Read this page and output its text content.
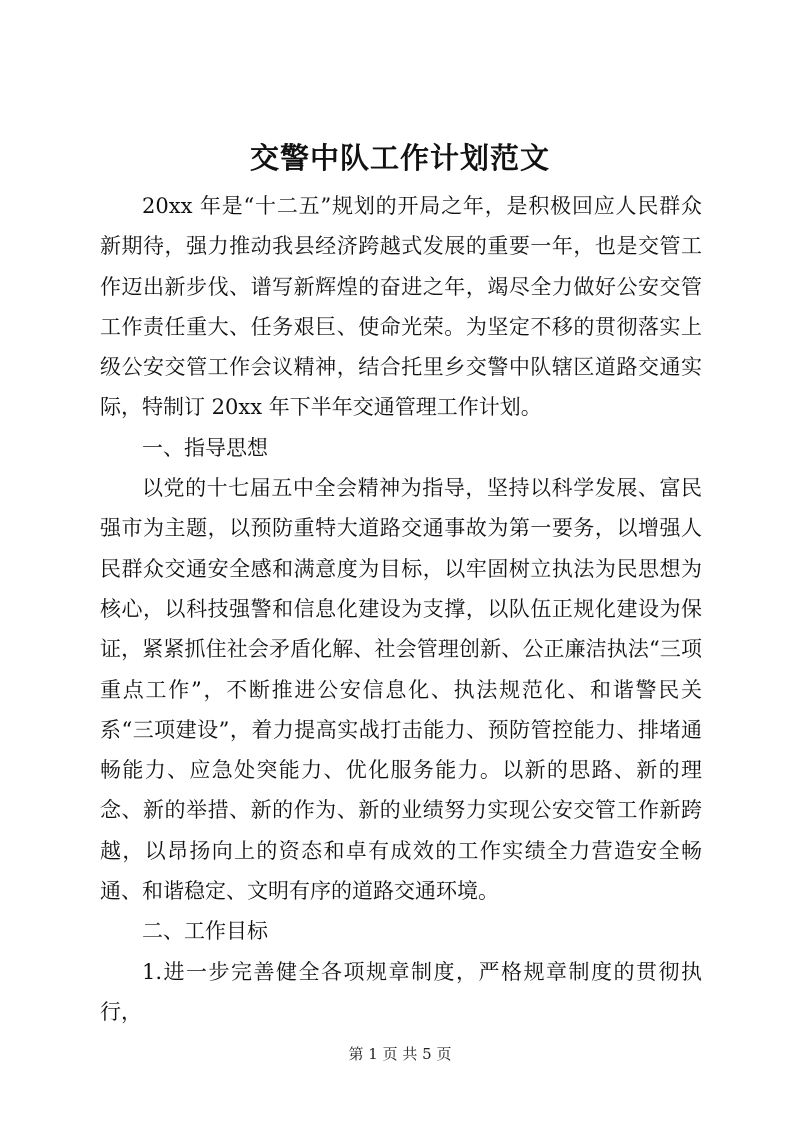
交警中队工作计划范文

20xx 年是“十二五”规划的开局之年，是积极回应人民群众新期待，强力推动我县经济跨越式发展的重要一年，也是交管工作迈出新步伐、谱写新辉煌的奋进之年，竭尽全力做好公安交管工作责任重大、任务艰巨、使命光荣。为坚定不移的贯彻落实上级公安交管工作会议精神，结合托里乡交警中队辖区道路交通实际，特制订 20xx 年下半年交通管理工作计划。

一、指导思想

以党的十七届五中全会精神为指导，坚持以科学发展、富民强市为主题，以预防重特大道路交通事故为第一要务，以增强人民群众交通安全感和满意度为目标，以牢固树立执法为民思想为核心，以科技强警和信息化建设为支撑，以队伍正规化建设为保证，紧紧抓住社会矛盾化解、社会管理创新、公正廉洁执法“三项重点工作”，不断推进公安信息化、执法规范化、和谐警民关系“三项建设”，着力提高实战打击能力、预防管控能力、排堵通畅能力、应急处突能力、优化服务能力。以新的思路、新的理念、新的举措、新的作为、新的业绩努力实现公安交管工作新跨越，以昂扬向上的资态和卓有成效的工作实绩全力营造安全畅通、和谐稳定、文明有序的道路交通环境。

二、工作目标

1.进一步完善健全各项规章制度，严格规章制度的贯彻执行，

第 1 页 共 5 页
